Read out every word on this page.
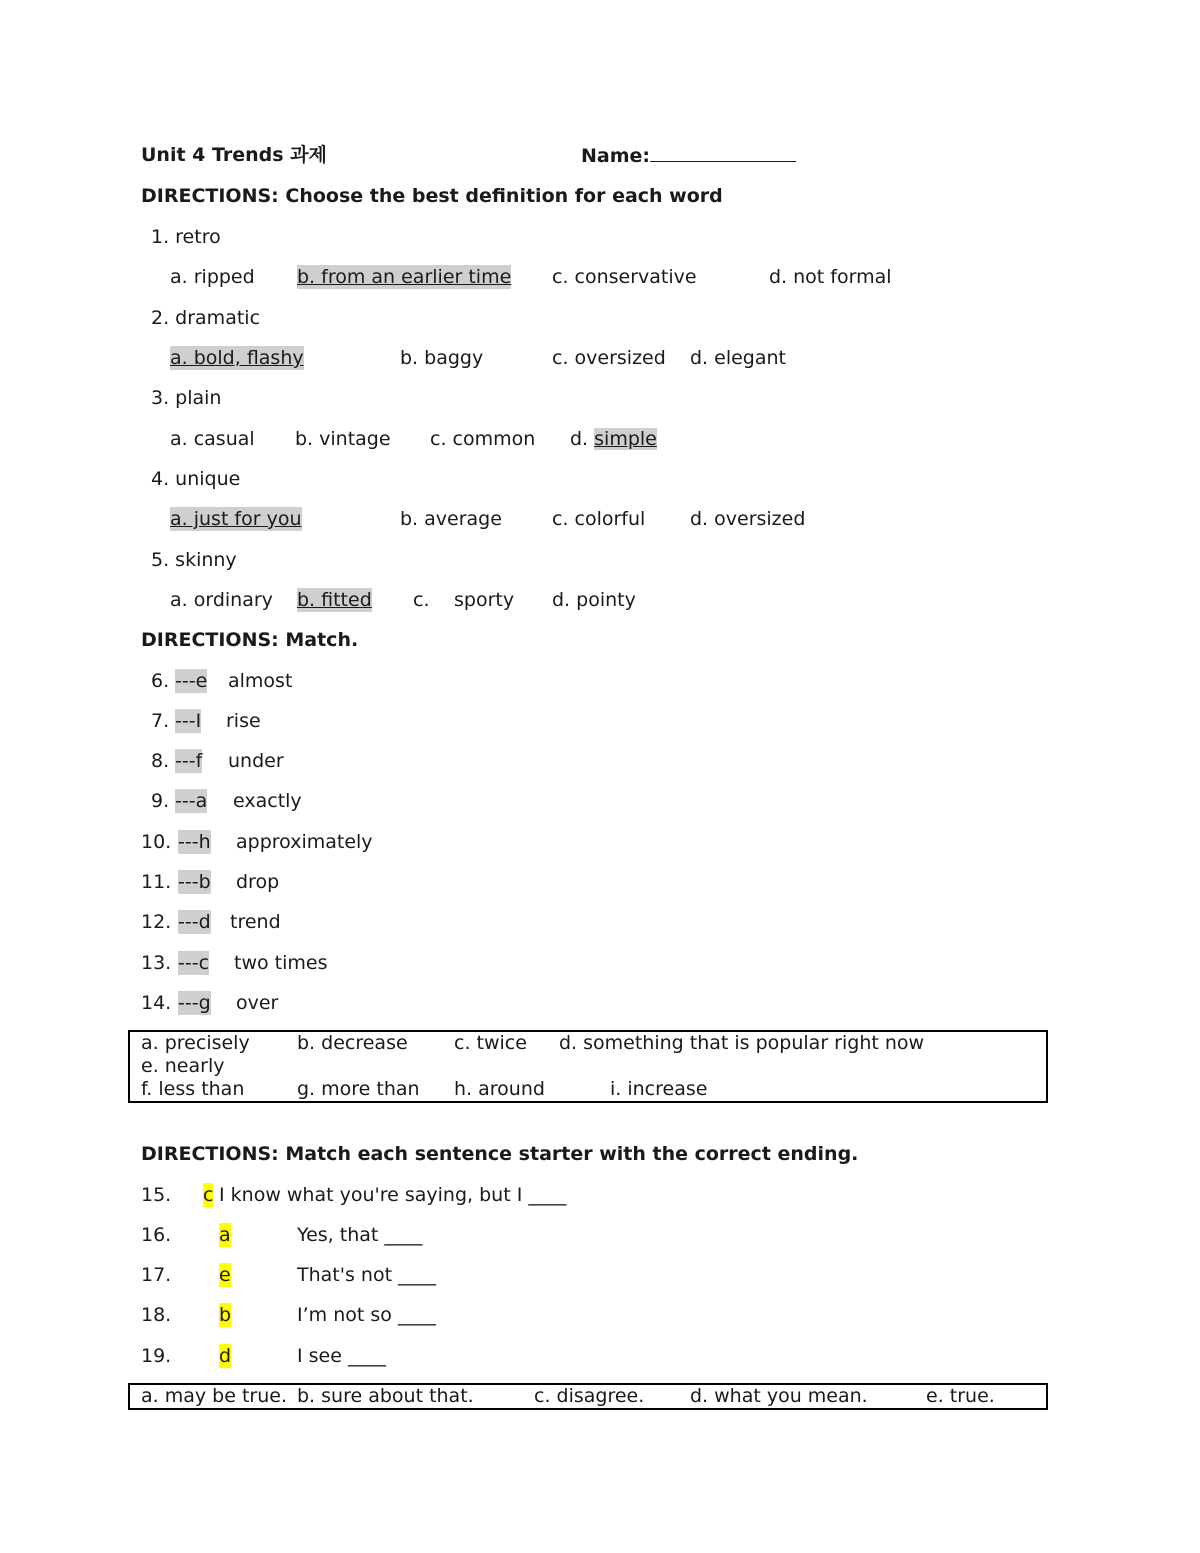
Unit 4 Trends 과제	Name:
DIRECTIONS: Choose the best definition for each word
1. retro
a. ripped b. from an earlier time c. conservative	d. not formal
2. dramatic
a. bold, flashy	b. baggy	c. oversized d. elegant
3. plain
a. casual b. vintage c. common d. simple
4. unique
a. just for you	b. average	c. colorful d. oversized
5. skinny
a. ordinary b. fitted c. sporty d. pointy
DIRECTIONS: Match.
6. ---e almost
7. ---I rise
8. ---f under
9. ---a exactly
10. ---h approximately
11. ---b drop
12. ---d trend
13. ---c two times
14. ---g over
a. precisely b. decrease c. twice d. something that is popular right now
e. nearly
f. less than	g. more than h. around	i. increase
DIRECTIONS: Match each sentence starter with the correct ending.
15. c I know what you're saying, but I ____
16.	a	Yes, that ____
17.	e	That's not ____
18.	b	I’m not so ____
19.	d	I see ____
a. may be true. b. sure about that.	c. disagree. d. what you mean.	e. true.
